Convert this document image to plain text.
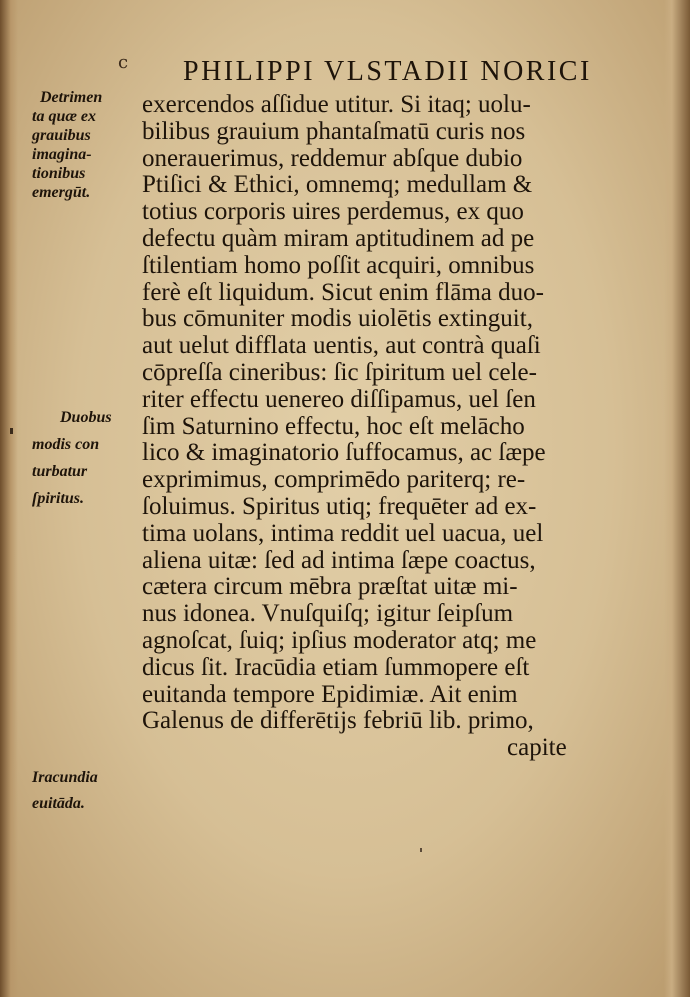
c PHILIPPI VLSTADII NORICI
exercendos aſſidue utitur. Si itaq; uolu-
bilibus grauium phantaſmatū curis nos
onerauerimus, reddemur abſque dubio
Ptiſici & Ethici, omnemq; medullam &
totius corporis uires perdemus, ex quo
defectu quàm miram aptitudinem ad pe
ſtilentiam homo poſſit acquiri, omnibus
ferè eſt liquidum. Sicut enim flāma duo-
bus cōmuniter modis uiolētis extinguit,
aut uelut difflata uentis, aut contrà quaſi
cōpreſſa cineribus: ſic ſpiritum uel cele-
riter effectu uenereo diſſipamus, uel ſen
ſim Saturnino effectu, hoc eſt melācho
lico & imaginatorio ſuffocamus, ac ſæpe
exprimimus, comprimēdo pariterq; re-
ſoluimus. Spiritus utiq; frequēter ad ex-
tima uolans, intima reddit uel uacua, uel
aliena uitæ: ſed ad intima ſæpe coactus,
cætera circum mēbra præſtat uitæ mi-
nus idonea. Vnuſquiſq; igitur ſeipſum
agnoſcat, ſuiq; ipſius moderator atq; me
dicus ſit. Iracūdia etiam ſummopere eſt
euitanda tempore Epidimiæ. Ait enim
Galenus de differētijs febriū lib. primo,
capite
Detrimen
ta quæ ex
grauibus
imagina-
tionibus
emergūt.
Duobus
modis con
turbatur
ſpiritus.
Iracundia
euitāda.
